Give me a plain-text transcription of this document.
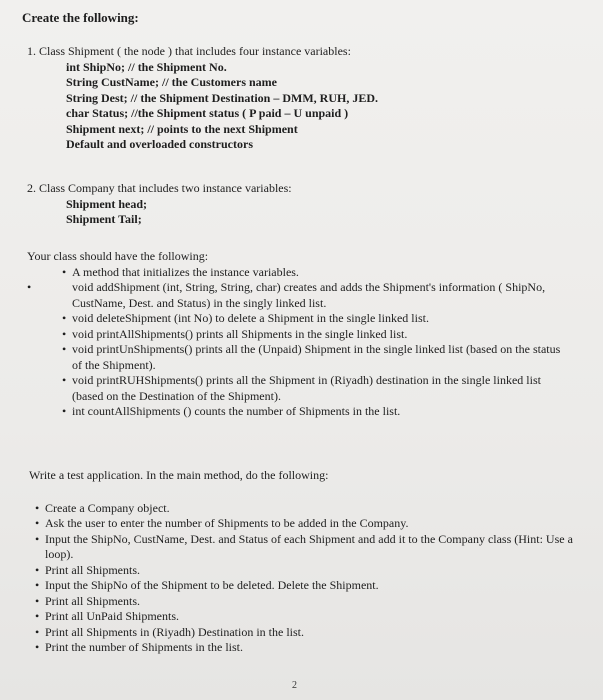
Create the following:
1. Class Shipment ( the node ) that includes four instance variables:
int ShipNo; // the Shipment No.
String CustName; // the Customers name
String Dest; // the Shipment Destination – DMM, RUH, JED.
char Status; //the Shipment status ( P paid – U unpaid )
Shipment next; // points to the next Shipment
Default and overloaded constructors
2. Class Company that includes two instance variables:
Shipment head;
Shipment Tail;
Your class should have the following:
• A method that initializes the instance variables.
• void addShipment (int, String, String, char) creates and adds the Shipment's information ( ShipNo, CustName, Dest. and Status) in the singly linked list.
• void deleteShipment (int No) to delete a Shipment in the single linked list.
• void printAllShipments() prints all Shipments in the single linked list.
• void printUnShipments() prints all the (Unpaid) Shipment in the single linked list (based on the status of the Shipment).
• void printRUHShipments() prints all the Shipment in (Riyadh) destination in the single linked list (based on the Destination of the Shipment).
• int countAllShipments () counts the number of Shipments in the list.
Write a test application. In the main method, do the following:
• Create a Company object.
• Ask the user to enter the number of Shipments to be added in the Company.
• Input the ShipNo, CustName, Dest. and Status of each Shipment and add it to the Company class (Hint: Use a loop).
• Print all Shipments.
• Input the ShipNo of the Shipment to be deleted. Delete the Shipment.
• Print all Shipments.
• Print all UnPaid Shipments.
• Print all Shipments in (Riyadh) Destination in the list.
• Print the number of Shipments in the list.
2
